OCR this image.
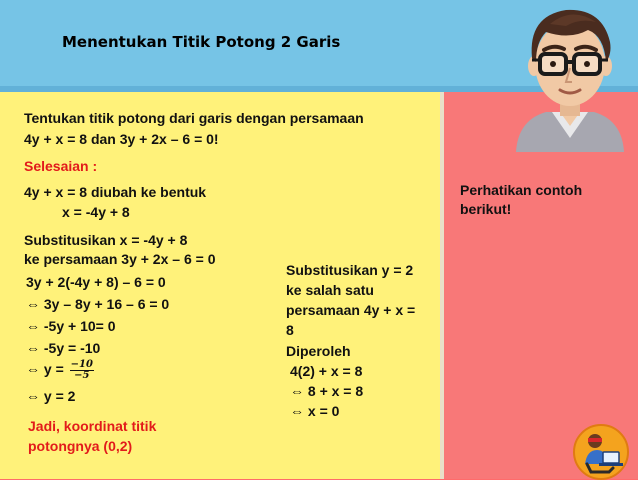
Menentukan Titik Potong 2 Garis
Tentukan titik potong dari garis dengan persamaan
4y + x = 8 dan 3y + 2x – 6 = 0!
Selesaian :
4y + x = 8 diubah ke bentuk
x = -4y + 8
Substitusikan x = -4y + 8
ke persamaan 3y + 2x – 6 = 0
3y + 2(-4y + 8) – 6 = 0
⇔ 3y – 8y + 16 – 6 = 0
⇔ -5y + 10= 0
⇔ -5y = -10
⇔ $y = \frac{-10}{-5}$
⇔ y = 2
Jadi, koordinat titik
potongnya (0,2)
Substitusikan y = 2
ke salah satu
persamaan 4y + x =
8
Diperoleh
4(2) + x = 8
⇔ 8 + x = 8
⇔ x = 0
Perhatikan contoh
berikut!
